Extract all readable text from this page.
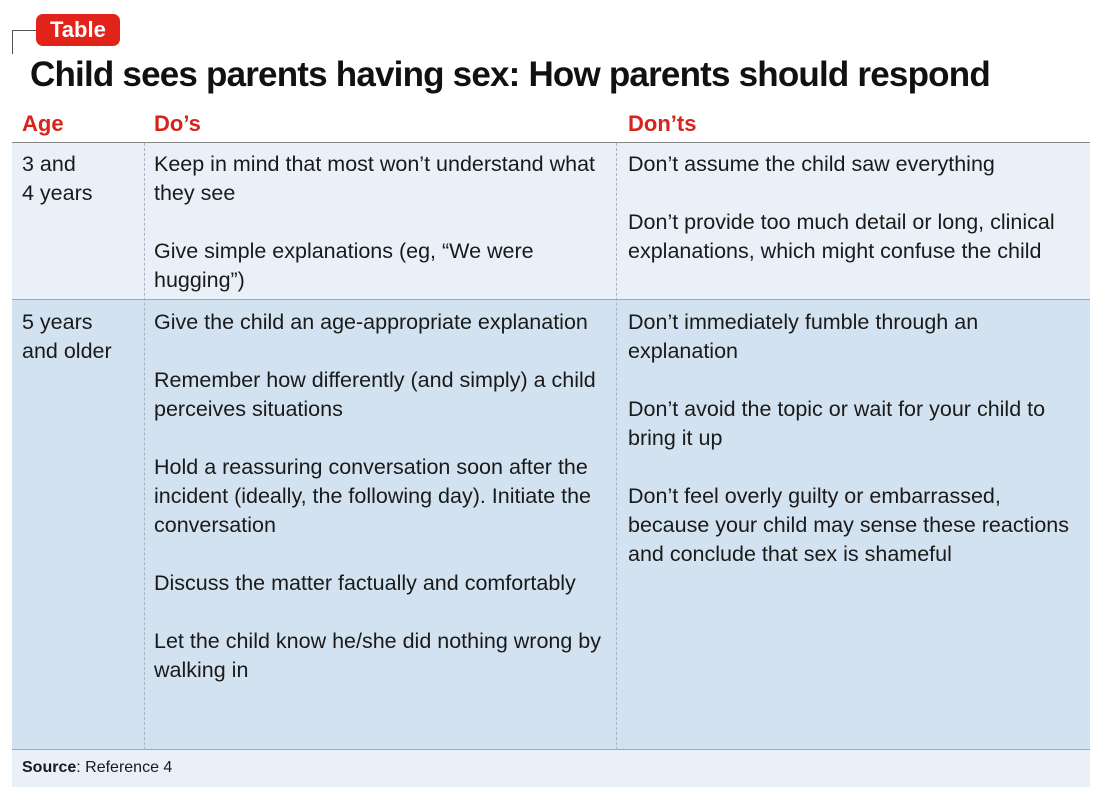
Table
Child sees parents having sex: How parents should respond
Age	Do’s	Don’ts
3 and
4 years

Keep in mind that most won’t understand what they see

Give simple explanations (eg, “We were hugging”)

Don’t assume the child saw everything

Don’t provide too much detail or long, clinical explanations, which might confuse the child

5 years
and older

Give the child an age-appropriate explanation

Remember how differently (and simply) a child perceives situations

Hold a reassuring conversation soon after the incident (ideally, the following day). Initiate the conversation

Discuss the matter factually and comfortably

Let the child know he/she did nothing wrong by walking in

Don’t immediately fumble through an explanation

Don’t avoid the topic or wait for your child to bring it up

Don’t feel overly guilty or embarrassed, because your child may sense these reactions and conclude that sex is shameful

Source: Reference 4
